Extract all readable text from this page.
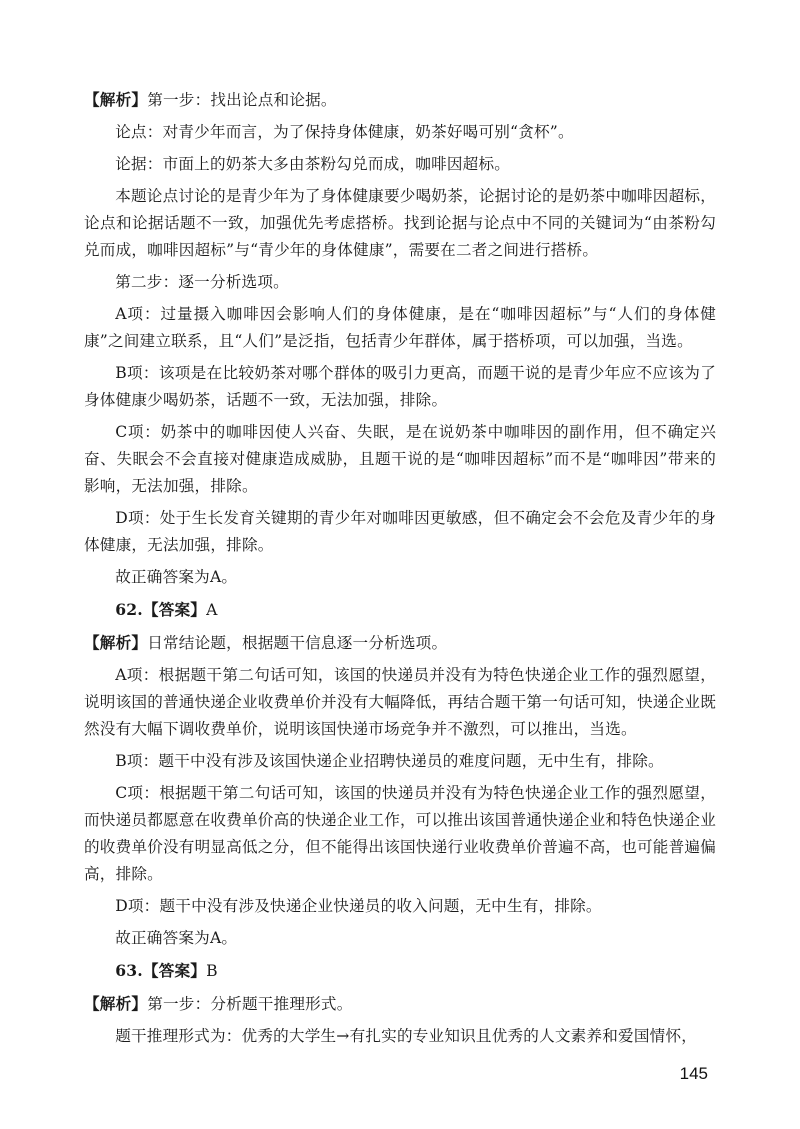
【解析】第一步：找出论点和论据。

论点：对青少年而言，为了保持身体健康，奶茶好喝可别“贪杯”。

论据：市面上的奶茶大多由茶粉勾兑而成，咖啡因超标。

本题论点讨论的是青少年为了身体健康要少喝奶茶，论据讨论的是奶茶中咖啡因超标，论点和论据话题不一致，加强优先考虑搭桥。找到论据与论点中不同的关键词为“由茶粉勾兑而成，咖啡因超标”与“青少年的身体健康”，需要在二者之间进行搭桥。

第二步：逐一分析选项。

A项：过量摄入咖啡因会影响人们的身体健康，是在“咖啡因超标”与“人们的身体健康”之间建立联系，且“人们”是泛指，包括青少年群体，属于搭桥项，可以加强，当选。

B项：该项是在比较奶茶对哪个群体的吸引力更高，而题干说的是青少年应不应该为了身体健康少喝奶茶，话题不一致，无法加强，排除。

C项：奶茶中的咖啡因使人兴奋、失眠，是在说奶茶中咖啡因的副作用，但不确定兴奋、失眠会不会直接对健康造成威胁，且题干说的是“咖啡因超标”而不是“咖啡因”带来的影响，无法加强，排除。

D项：处于生长发育关键期的青少年对咖啡因更敏感，但不确定会不会危及青少年的身体健康，无法加强，排除。

故正确答案为A。

62.【答案】A

【解析】日常结论题，根据题干信息逐一分析选项。

A项：根据题干第二句话可知，该国的快递员并没有为特色快递企业工作的强烈愿望，说明该国的普通快递企业收费单价并没有大幅降低，再结合题干第一句话可知，快递企业既然没有大幅下调收费单价，说明该国快递市场竞争并不激烈，可以推出，当选。

B项：题干中没有涉及该国快递企业招聘快递员的难度问题，无中生有，排除。

C项：根据题干第二句话可知，该国的快递员并没有为特色快递企业工作的强烈愿望，而快递员都愿意在收费单价高的快递企业工作，可以推出该国普通快递企业和特色快递企业的收费单价没有明显高低之分，但不能得出该国快递行业收费单价普遍不高，也可能普遍偏高，排除。

D项：题干中没有涉及快递企业快递员的收入问题，无中生有，排除。

故正确答案为A。

63.【答案】B

【解析】第一步：分析题干推理形式。

题干推理形式为：优秀的大学生→有扎实的专业知识且优秀的人文素养和爱国情怀，

145
